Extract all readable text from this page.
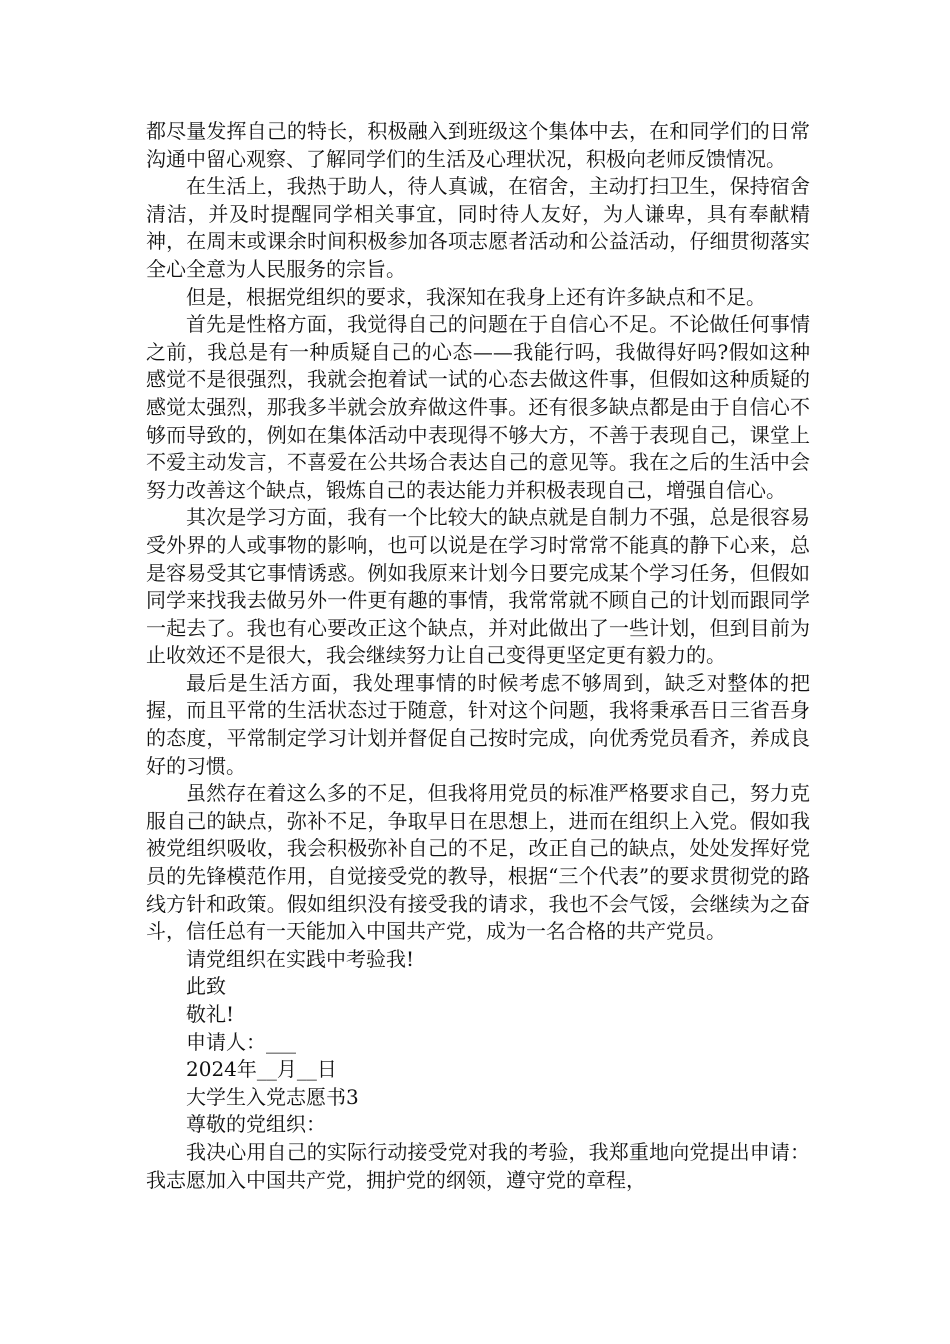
都尽量发挥自己的特长，积极融入到班级这个集体中去，在和同学们的日常沟通中留心观察、了解同学们的生活及心理状况，积极向老师反馈情况。

在生活上，我热于助人，待人真诚，在宿舍，主动打扫卫生，保持宿舍清洁，并及时提醒同学相关事宜，同时待人友好，为人谦卑，具有奉献精神，在周末或课余时间积极参加各项志愿者活动和公益活动，仔细贯彻落实全心全意为人民服务的宗旨。

但是，根据党组织的要求，我深知在我身上还有许多缺点和不足。

首先是性格方面，我觉得自己的问题在于自信心不足。不论做任何事情之前，我总是有一种质疑自己的心态——我能行吗，我做得好吗?假如这种感觉不是很强烈，我就会抱着试一试的心态去做这件事，但假如这种质疑的感觉太强烈，那我多半就会放弃做这件事。还有很多缺点都是由于自信心不够而导致的，例如在集体活动中表现得不够大方，不善于表现自己，课堂上不爱主动发言，不喜爱在公共场合表达自己的意见等。我在之后的生活中会努力改善这个缺点，锻炼自己的表达能力并积极表现自己，增强自信心。

其次是学习方面，我有一个比较大的缺点就是自制力不强，总是很容易受外界的人或事物的影响，也可以说是在学习时常常不能真的静下心来，总是容易受其它事情诱惑。例如我原来计划今日要完成某个学习任务，但假如同学来找我去做另外一件更有趣的事情，我常常就不顾自己的计划而跟同学一起去了。我也有心要改正这个缺点，并对此做出了一些计划，但到目前为止收效还不是很大，我会继续努力让自己变得更坚定更有毅力的。

最后是生活方面，我处理事情的时候考虑不够周到，缺乏对整体的把握，而且平常的生活状态过于随意，针对这个问题，我将秉承吾日三省吾身的态度，平常制定学习计划并督促自己按时完成，向优秀党员看齐，养成良好的习惯。

虽然存在着这么多的不足，但我将用党员的标准严格要求自己，努力克服自己的缺点，弥补不足，争取早日在思想上，进而在组织上入党。假如我被党组织吸收，我会积极弥补自己的不足，改正自己的缺点，处处发挥好党员的先锋模范作用，自觉接受党的教导，根据“三个代表”的要求贯彻党的路线方针和政策。假如组织没有接受我的请求，我也不会气馁，会继续为之奋斗，信任总有一天能加入中国共产党，成为一名合格的共产党员。

请党组织在实践中考验我!

此致

敬礼!

申请人：___

2024年__月__日

大学生入党志愿书3

尊敬的党组织：

我决心用自己的实际行动接受党对我的考验，我郑重地向党提出申请：我志愿加入中国共产党，拥护党的纲领，遵守党的章程，
